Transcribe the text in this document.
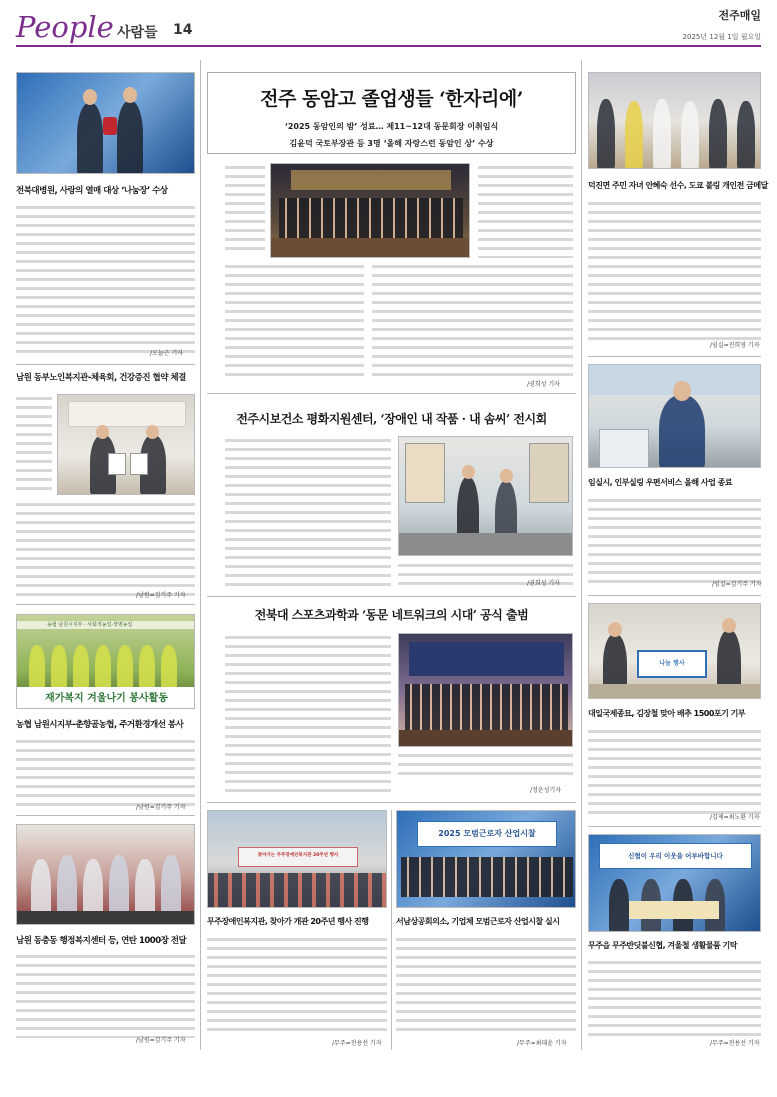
People 사람들 14
전주매일
2025년 12월 1일 월요일
전북대병원, 사랑의 열매 대상 ‘나눔장’ 수상
/오늘근 기자
남원 동부노인복지관-체육회, 건강증진 협약 체결
/남원=김기주 기자
농협 남원시지부 · 사회적농업·생명농업
재가복지 겨울나기 봉사활동
농협 남원시지부-춘향골농협, 주거환경개선 봉사
/남원=김기주 기자
남원 동충동 행정복지센터 등, 연탄 1000장 전달
/남원=김기주 기자
전주 동암고 졸업생들 ‘한자리에’
‘2025 동암인의 밤’ 성료… 제11~12대 동문회장 이취임식
김윤덕 국토부장관 등 3명 ‘올해 자랑스런 동암인 상’ 수상
/권희성 기자
전주시보건소 평화지원센터, ‘장애인 내 작품 · 내 솜씨’ 전시회
/권희성 기자
전북대 스포츠과학과 ‘동문 네트워크의 시대’ 공식 출범
/정운성기자
찾아가는 무주장애인복지관 20주년 행사
무주장애인복지관, 찾아가 개관 20주년 행사 진행
/무주=전용선 기자
2025 모범근로자 산업시찰
서남상공회의소, 기업체 모범근로자 산업시찰 실시
/무주=최대윤 기자
덕진면 주민 자녀 안혜숙 선수, 도쿄 볼링 개인전 금메달
/임실=진희영 기자
임실시, 인부실링 우편서비스 올해 사업 종료
/임실=김기주 기자
나눔 행사
대일국제종묘, 김장철 맞아 배추 1500포기 기부
/김제=최노환 기자
신협이 우리 이웃을 어부바합니다
무주읍 무주반딧불신협, 겨울철 생활물품 기탁
/무주=전용선 기자
